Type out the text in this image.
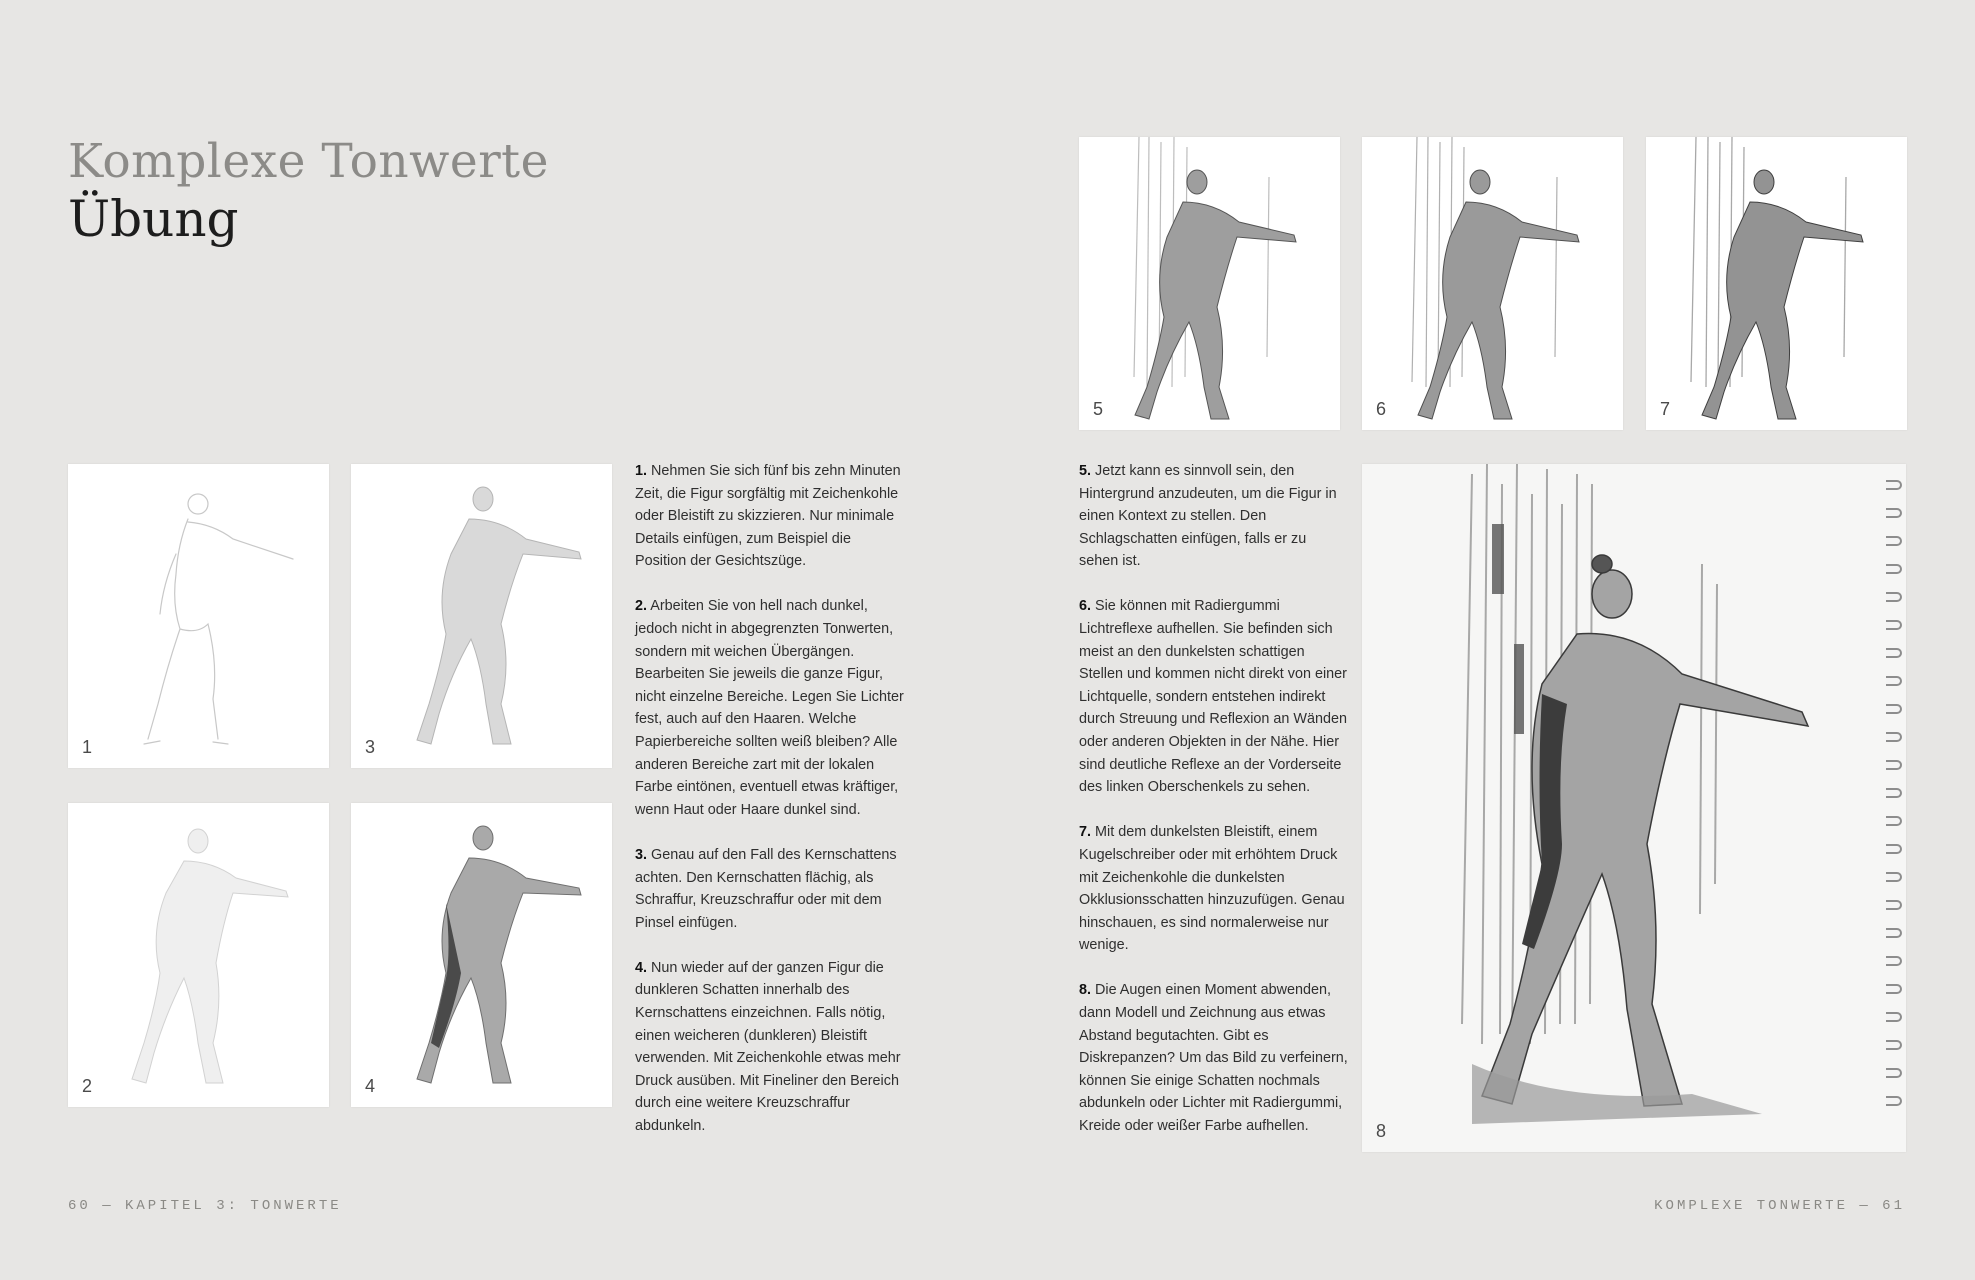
Komplexe Tonwerte
Übung
1	3
2	4

1. Nehmen Sie sich fünf bis zehn Minuten Zeit, die Figur sorgfältig mit Zeichenkohle oder Bleistift zu skizzieren. Nur minimale Details einfügen, zum Beispiel die Position der Gesichtszüge.

2. Arbeiten Sie von hell nach dunkel, jedoch nicht in abgegrenzten Tonwerten, sondern mit weichen Übergängen. Bearbeiten Sie jeweils die ganze Figur, nicht einzelne Bereiche. Legen Sie Lichter fest, auch auf den Haaren. Welche Papierbereiche sollten weiß bleiben? Alle anderen Bereiche zart mit der lokalen Farbe eintönen, eventuell etwas kräftiger, wenn Haut oder Haare dunkel sind.

3. Genau auf den Fall des Kernschattens achten. Den Kernschatten flächig, als Schraffur, Kreuzschraffur oder mit dem Pinsel einfügen.

4. Nun wieder auf der ganzen Figur die dunkleren Schatten innerhalb des Kernschattens einzeichnen. Falls nötig, einen weicheren (dunkleren) Bleistift verwenden. Mit Zeichenkohle etwas mehr Druck ausüben. Mit Fineliner den Bereich durch eine weitere Kreuzschraffur abdunkeln.

5	6	7

5. Jetzt kann es sinnvoll sein, den Hintergrund anzudeuten, um die Figur in einen Kontext zu stellen. Den Schlagschatten einfügen, falls er zu sehen ist.

6. Sie können mit Radiergummi Lichtreflexe aufhellen. Sie befinden sich meist an den dunkelsten schattigen Stellen und kommen nicht direkt von einer Lichtquelle, sondern entstehen indirekt durch Streuung und Reflexion an Wänden oder anderen Objekten in der Nähe. Hier sind deutliche Reflexe an der Vorderseite des linken Oberschenkels zu sehen.

7. Mit dem dunkelsten Bleistift, einem Kugelschreiber oder mit erhöhtem Druck mit Zeichenkohle die dunkelsten Okklusionsschatten hinzuzufügen. Genau hinschauen, es sind normalerweise nur wenige.

8. Die Augen einen Moment abwenden, dann Modell und Zeichnung aus etwas Abstand begutachten. Gibt es Diskrepanzen? Um das Bild zu verfeinern, können Sie einige Schatten nochmals abdunkeln oder Lichter mit Radiergummi, Kreide oder weißer Farbe aufhellen.	8
60 — KAPITEL 3: TONWERTE	KOMPLEXE TONWERTE — 61
